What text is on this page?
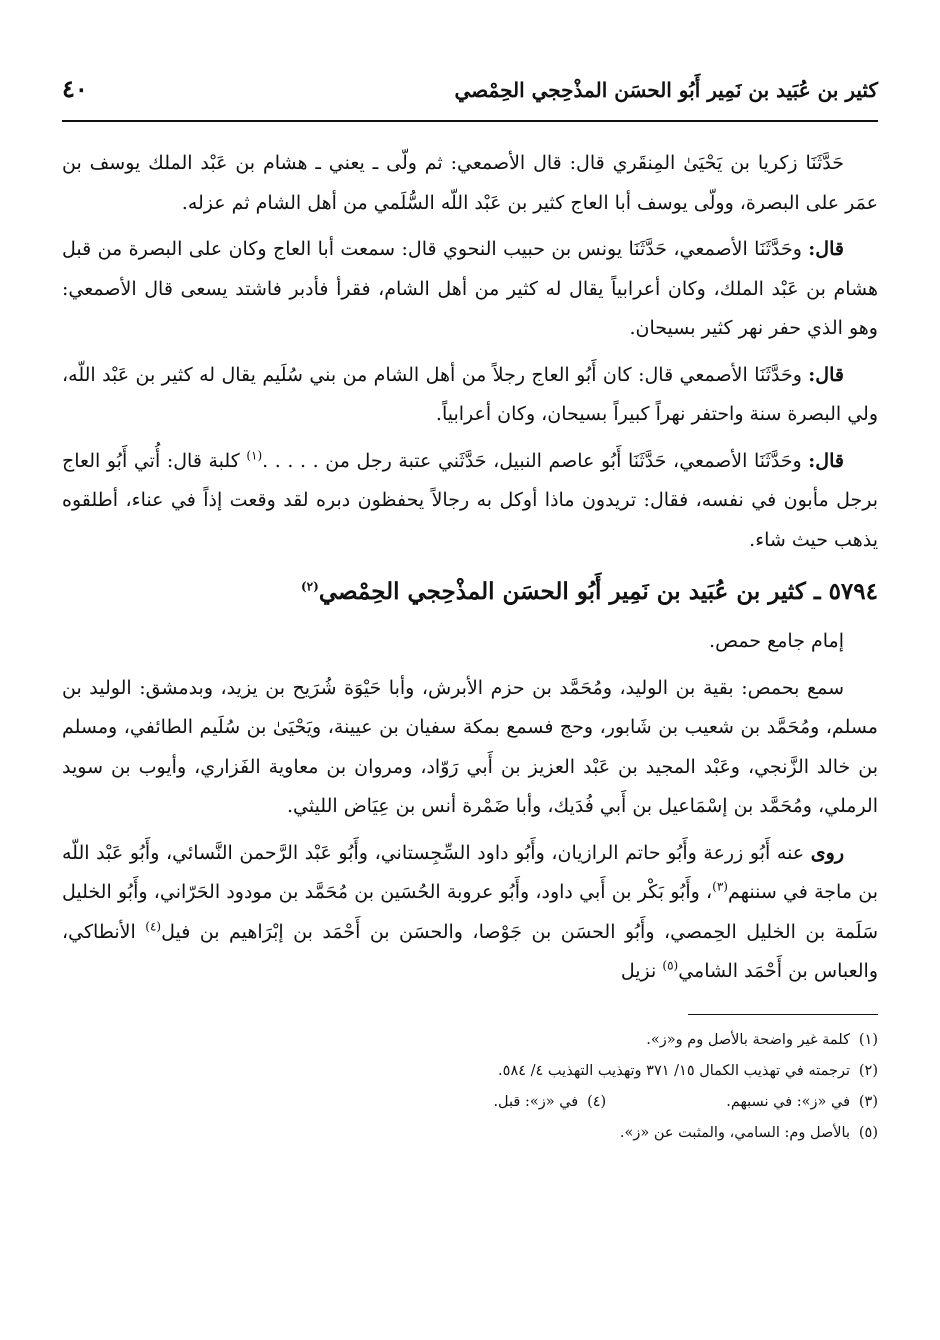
كثير بن عُبَيد بن نَمِير أَبُو الحسَن المذْحِجي الحِمْصي
٤٠

حَدَّثَنَا زكريا بن يَحْيَىٰ المِنقَري قال: قال الأصمعي: ثم ولّى ـ يعني ـ هشام بن عَبْد الملك يوسف بن عمَر على البصرة، وولّى يوسف أبا العاج كثير بن عَبْد اللّه السُّلَمي من أهل الشام ثم عزله.

قال: وحَدَّثَنَا الأصمعي، حَدَّثَنَا يونس بن حبيب النحوي قال: سمعت أبا العاج وكان على البصرة من قبل هشام بن عَبْد الملك، وكان أعرابياً يقال له كثير من أهل الشام، فقرأ فأدبر فاشتد يسعى قال الأصمعي: وهو الذي حفر نهر كثير بسيحان.

قال: وحَدَّثَنَا الأصمعي قال: كان أَبُو العاج رجلاً من أهل الشام من بني سُلَيم يقال له كثير بن عَبْد اللّه، ولي البصرة سنة واحتفر نهراً كبيراً بسيحان، وكان أعرابياً.

قال: وحَدَّثَنَا الأصمعي، حَدَّثَنَا أَبُو عاصم النبيل، حَدَّثَني عتبة رجل من . . . . .$^{(١)}$ كلبة قال: أُتي أَبُو العاج برجل مأبون في نفسه، فقال: تريدون ماذا أوكل به رجالاً يحفظون دبره لقد وقعت إذاً في عناء، أطلقوه يذهب حيث شاء.

٥٧٩٤ ـ كثير بن عُبَيد بن نَمِير أَبُو الحسَن المذْحِجي الحِمْصي$^{(٢)}$

إمام جامع حمص.

سمع بحمص: بقية بن الوليد، ومُحَمَّد بن حزم الأبرش، وأبا حَيْوَة شُرَيح بن يزيد، وبدمشق: الوليد بن مسلم، ومُحَمَّد بن شعيب بن شَابور، وحج فسمع بمكة سفيان بن عيينة، ويَحْيَىٰ بن سُلَيم الطائفي، ومسلم بن خالد الزَّنجي، وعَبْد المجيد بن عَبْد العزيز بن أَبي رَوّاد، ومروان بن معاوية الفَزاري، وأيوب بن سويد الرملي، ومُحَمَّد بن إسْمَاعيل بن أَبي فُدَيك، وأبا ضَمْرة أنس بن عِيَاض الليثي.

روى عنه أَبُو زرعة وأَبُو حاتم الرازيان، وأَبُو داود السِّجِستاني، وأَبُو عَبْد الرَّحمن النَّسائي، وأَبُو عَبْد اللّه بن ماجة في سننهم$^{(٣)}$، وأَبُو بَكْر بن أَبي داود، وأَبُو عروبة الحُسَين بن مُحَمَّد بن مودود الحَرّاني، وأَبُو الخليل سَلَمة بن الخليل الحِمصي، وأَبُو الحسَن بن جَوْصا، والحسَن بن أَحْمَد بن إبْرَاهيم بن فيل$^{(٤)}$ الأنطاكي، والعباس بن أَحْمَد الشامي$^{(٥)}$ نزيل

(١)
كلمة غير واضحة بالأصل وم و«ز».
(٢)
ترجمته في تهذيب الكمال ١٥/ ٣٧١ وتهذيب التهذيب ٤/ ٥٨٤.
(٣)
في «ز»: في نسبهم.
(٤)
في «ز»: قبل.
(٥)
بالأصل وم: السامي، والمثبت عن «ز».
